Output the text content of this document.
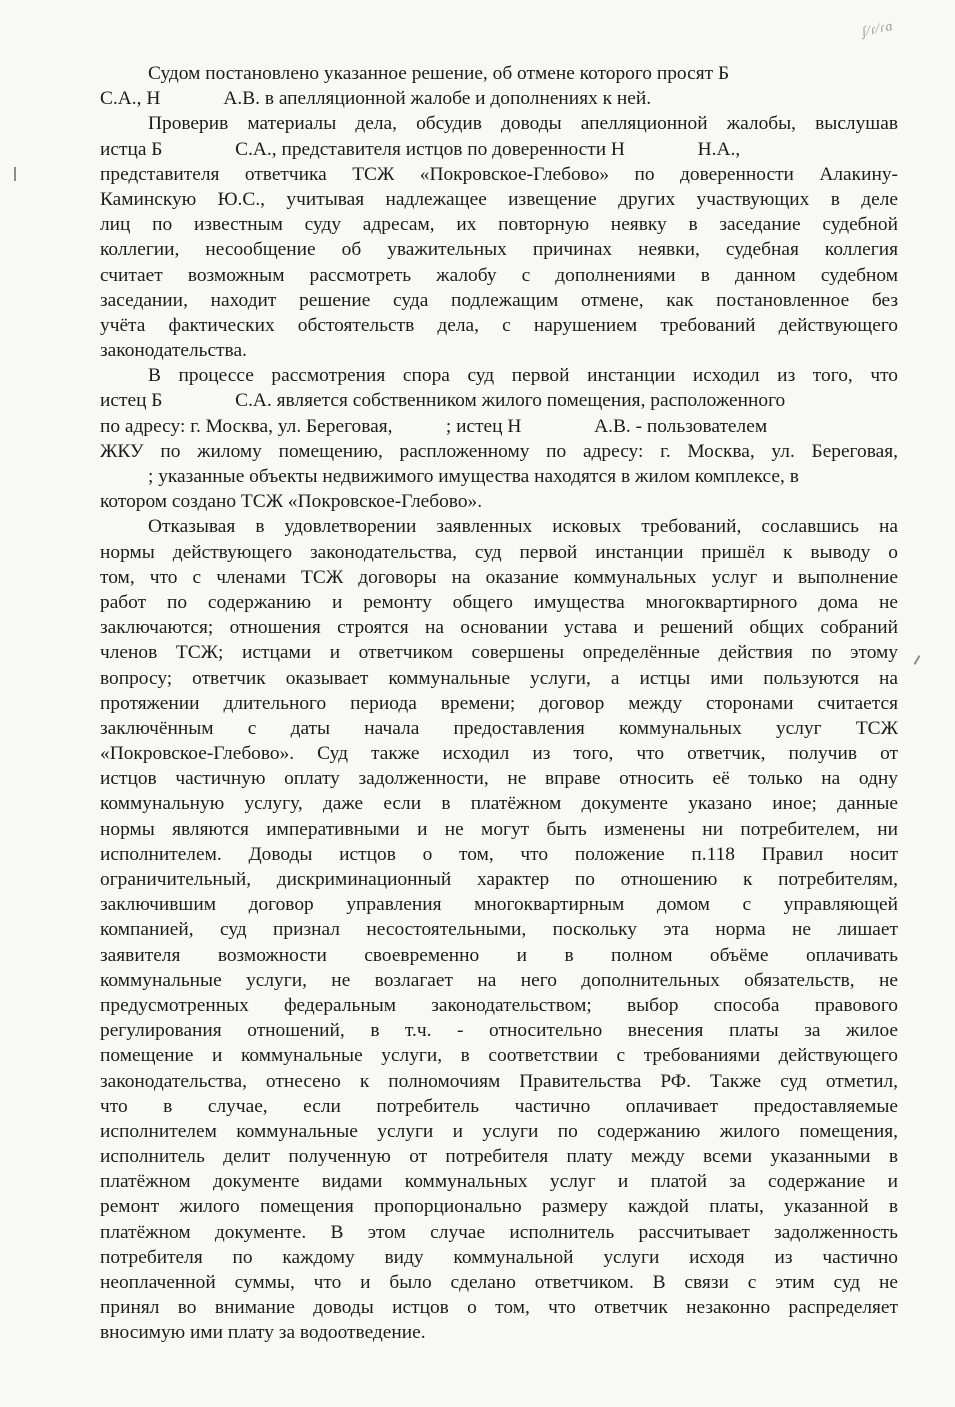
ʃ⁄ɾ⁄ɾɑ
Судом постановлено указанное решение, об отмене которого просят Б
С.А., Н             А.В. в апелляционной жалобе и дополнениях к ней.
Проверив материалы дела, обсудив доводы апелляционной жалобы, выслушав
истца Б               С.А., представителя истцов по доверенности Н               Н.А.,
представителя ответчика ТСЖ «Покровское-Глебово» по доверенности Алакину-
Каминскую Ю.С., учитывая надлежащее извещение других участвующих в деле
лиц по известным суду адресам, их повторную неявку в заседание судебной
коллегии, несообщение об уважительных причинах неявки, судебная коллегия
считает возможным рассмотреть жалобу с дополнениями в данном судебном
заседании, находит решение суда подлежащим отмене, как постановленное без
учёта фактических обстоятельств дела, с нарушением требований действующего
законодательства.
В процессе рассмотрения спора суд первой инстанции исходил из того, что
истец Б               С.А. является собственником жилого помещения, расположенного
по адресу: г. Москва, ул. Береговая,           ; истец Н               А.В. - пользователем
ЖКУ по жилому помещению, распложенному по адресу: г. Москва, ул. Береговая,
; указанные объекты недвижимого имущества находятся в жилом комплексе, в
котором создано ТСЖ «Покровское-Глебово».
Отказывая в удовлетворении заявленных исковых требований, сославшись на
нормы действующего законодательства, суд первой инстанции пришёл к выводу о
том, что с членами ТСЖ договоры на оказание коммунальных услуг и выполнение
работ по содержанию и ремонту общего имущества многоквартирного дома не
заключаются; отношения строятся на основании устава и решений общих собраний
членов ТСЖ; истцами и ответчиком совершены определённые действия по этому
вопросу; ответчик оказывает коммунальные услуги, а истцы ими пользуются на
протяжении длительного периода времени; договор между сторонами считается
заключённым с даты начала предоставления коммунальных услуг ТСЖ
«Покровское-Глебово». Суд также исходил из того, что ответчик, получив от
истцов частичную оплату задолженности, не вправе относить её только на одну
коммунальную услугу, даже если в платёжном документе указано иное; данные
нормы являются императивными и не могут быть изменены ни потребителем, ни
исполнителем. Доводы истцов о том, что положение п.118 Правил носит
ограничительный, дискриминационный характер по отношению к потребителям,
заключившим договор управления многоквартирным домом с управляющей
компанией, суд признал несостоятельными, поскольку эта норма не лишает
заявителя возможности своевременно и в полном объёме оплачивать
коммунальные услуги, не возлагает на него дополнительных обязательств, не
предусмотренных федеральным законодательством; выбор способа правового
регулирования отношений, в т.ч. - относительно внесения платы за жилое
помещение и коммунальные услуги, в соответствии с требованиями действующего
законодательства, отнесено к полномочиям Правительства РФ. Также суд отметил,
что в случае, если потребитель частично оплачивает предоставляемые
исполнителем коммунальные услуги и услуги по содержанию жилого помещения,
исполнитель делит полученную от потребителя плату между всеми указанными в
платёжном документе видами коммунальных услуг и платой за содержание и
ремонт жилого помещения пропорционально размеру каждой платы, указанной в
платёжном документе. В этом случае исполнитель рассчитывает задолженность
потребителя по каждому виду коммунальной услуги исходя из частично
неоплаченной суммы, что и было сделано ответчиком. В связи с этим суд не
принял во внимание доводы истцов о том, что ответчик незаконно распределяет
вносимую ими плату за водоотведение.
